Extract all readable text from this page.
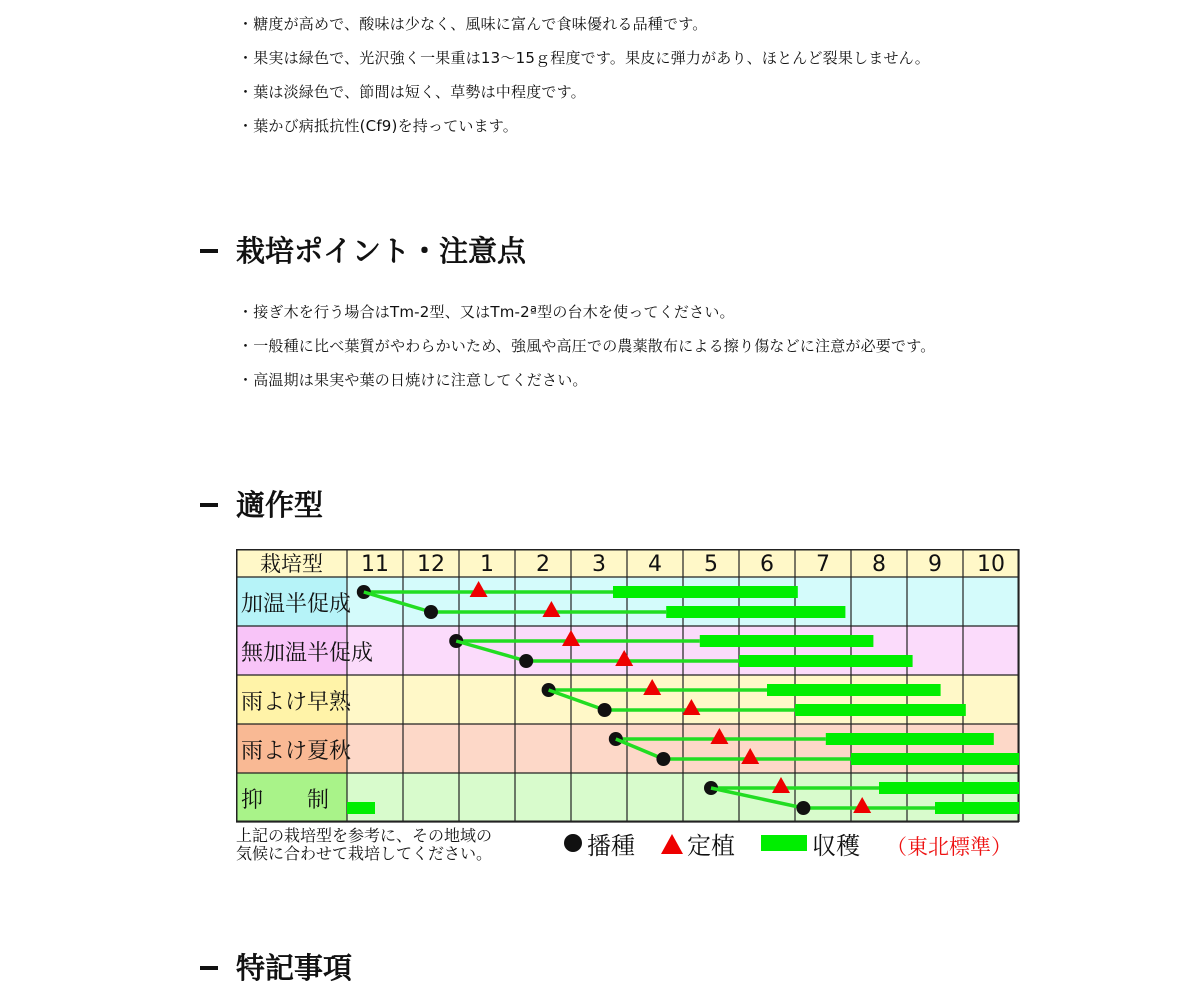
・糖度が高めで、酸味は少なく、風味に富んで食味優れる品種です。
・果実は緑色で、光沢強く一果重は13～15ｇ程度です。果皮に弾力があり、ほとんど裂果しません。
・葉は淡緑色で、節間は短く、草勢は中程度です。
・葉かび病抵抗性(Cf9)を持っています。
栽培ポイント・注意点
・接ぎ木を行う場合はTm-2型、又はTm-2ª型の台木を使ってください。
・一般種に比べ葉質がやわらかいため、強風や高圧での農薬散布による擦り傷などに注意が必要です。
・高温期は果実や葉の日焼けに注意してください。
適作型
栽培型 11 12 1 2 3 4 5 6 7 8 9 10
加温半促成
無加温半促成
雨よけ早熟
雨よけ夏秋
抑　　制
上記の栽培型を参考に、その地域の
気候に合わせて栽培してください。	播種 定植	収穫 （東北標準）
特記事項
